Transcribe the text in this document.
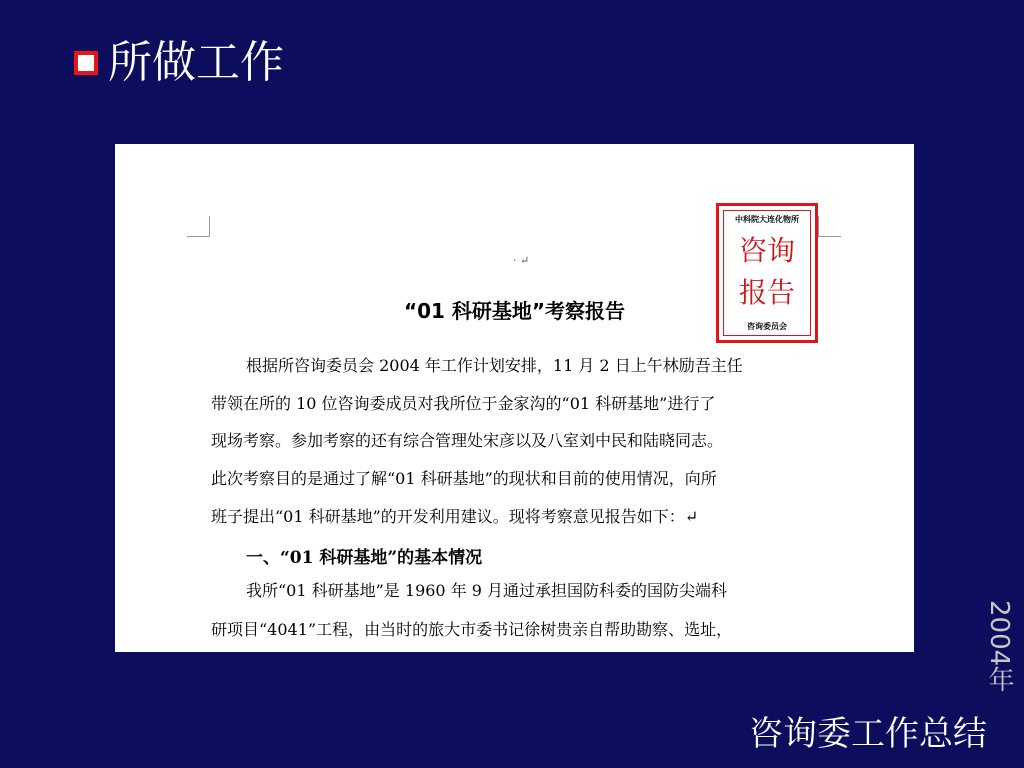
所做工作
· ↵
中科院大连化物所
咨询
报告
咨询委员会
“01 科研基地”考察报告
根据所咨询委员会 2004 年工作计划安排，11 月 2 日上午林励吾主任
带领在所的 10 位咨询委成员对我所位于金家沟的“01 科研基地”进行了
现场考察。参加考察的还有综合管理处宋彦以及八室刘中民和陆晓同志。
此次考察目的是通过了解“01 科研基地”的现状和目前的使用情况，向所
班子提出“01 科研基地”的开发利用建议。现将考察意见报告如下：↵
一、“01 科研基地”的基本情况
我所“01 科研基地”是 1960 年 9 月通过承担国防科委的国防尖端科
研项目“4041”工程，由当时的旅大市委书记徐树贵亲自帮助勘察、选址，	2004年
咨询委工作总结
